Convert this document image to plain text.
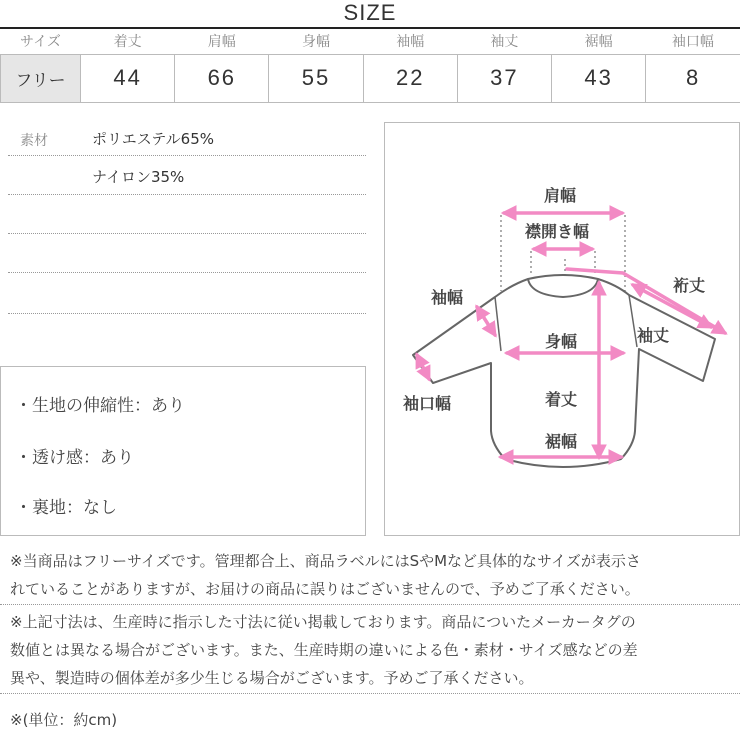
SIZE
サイズ	着丈	肩幅	身幅	袖幅	袖丈	裾幅	袖口幅
フリー	44	66	55	22	37	43	8
素材	ポリエステル65%
ナイロン35%
・生地の伸縮性：あり
・透け感：あり
・裏地：なし
肩幅
襟開き幅
裄丈
袖幅
袖丈
身幅
袖口幅	着丈
裾幅
※当商品はフリーサイズです。管理都合上、商品ラベルにはSやMなど具体的なサイズが表示さ
れていることがありますが、お届けの商品に誤りはございませんので、予めご了承ください。
※上記寸法は、生産時に指示した寸法に従い掲載しております。商品についたメーカータグの
数値とは異なる場合がございます。また、生産時期の違いによる色・素材・サイズ感などの差
異や、製造時の個体差が多少生じる場合がございます。予めご了承ください。
※(単位：約cm)
